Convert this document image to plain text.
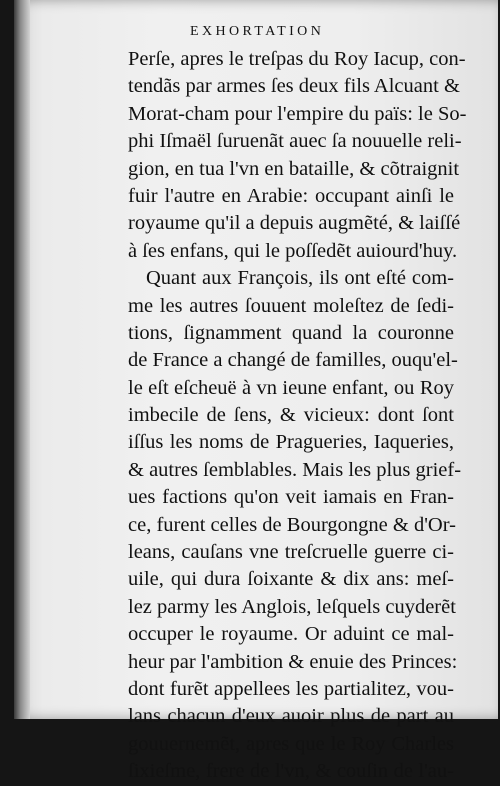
EXHORTATION
Perſe, apres le treſpas du Roy Iacup, con-
tendãs par armes ſes deux fils Alcuant &
Morat-cham pour l'empire du païs: le So-
phi Iſmaël ſuruenãt auec ſa nouuelle reli-
gion, en tua l'vn en bataille, & cõtraignit
fuir l'autre en Arabie: occupant ainſi le
royaume qu'il a depuis augmẽté, & laiſſé
à ſes enfans, qui le poſſedẽt auiourd'huy.
Quant aux François, ils ont eſté com-
me les autres ſouuent moleſtez de ſedi-
tions, ſignamment quand la couronne
de France a changé de familles, ouqu'el-
le eſt eſcheuë à vn ieune enfant, ou Roy
imbecile de ſens, & vicieux: dont ſont
iſſus les noms de Pragueries, Iaqueries,
& autres ſemblables. Mais les plus grief-
ues factions qu'on veit iamais en Fran-
ce, furent celles de Bourgongne & d'Or-
leans, cauſans vne treſcruelle guerre ci-
uile, qui dura ſoixante & dix ans: meſ-
lez parmy les Anglois, leſquels cuyderẽt
occuper le royaume. Or aduint ce mal-
heur par l'ambition & enuie des Princes:
dont furẽt appellees les partialitez, vou-
lans chacun d'eux auoir plus de part au
gouuernemẽt, apres que le Roy Charles
ſixieſme, frere de l'vn, & couſin de l'au-
